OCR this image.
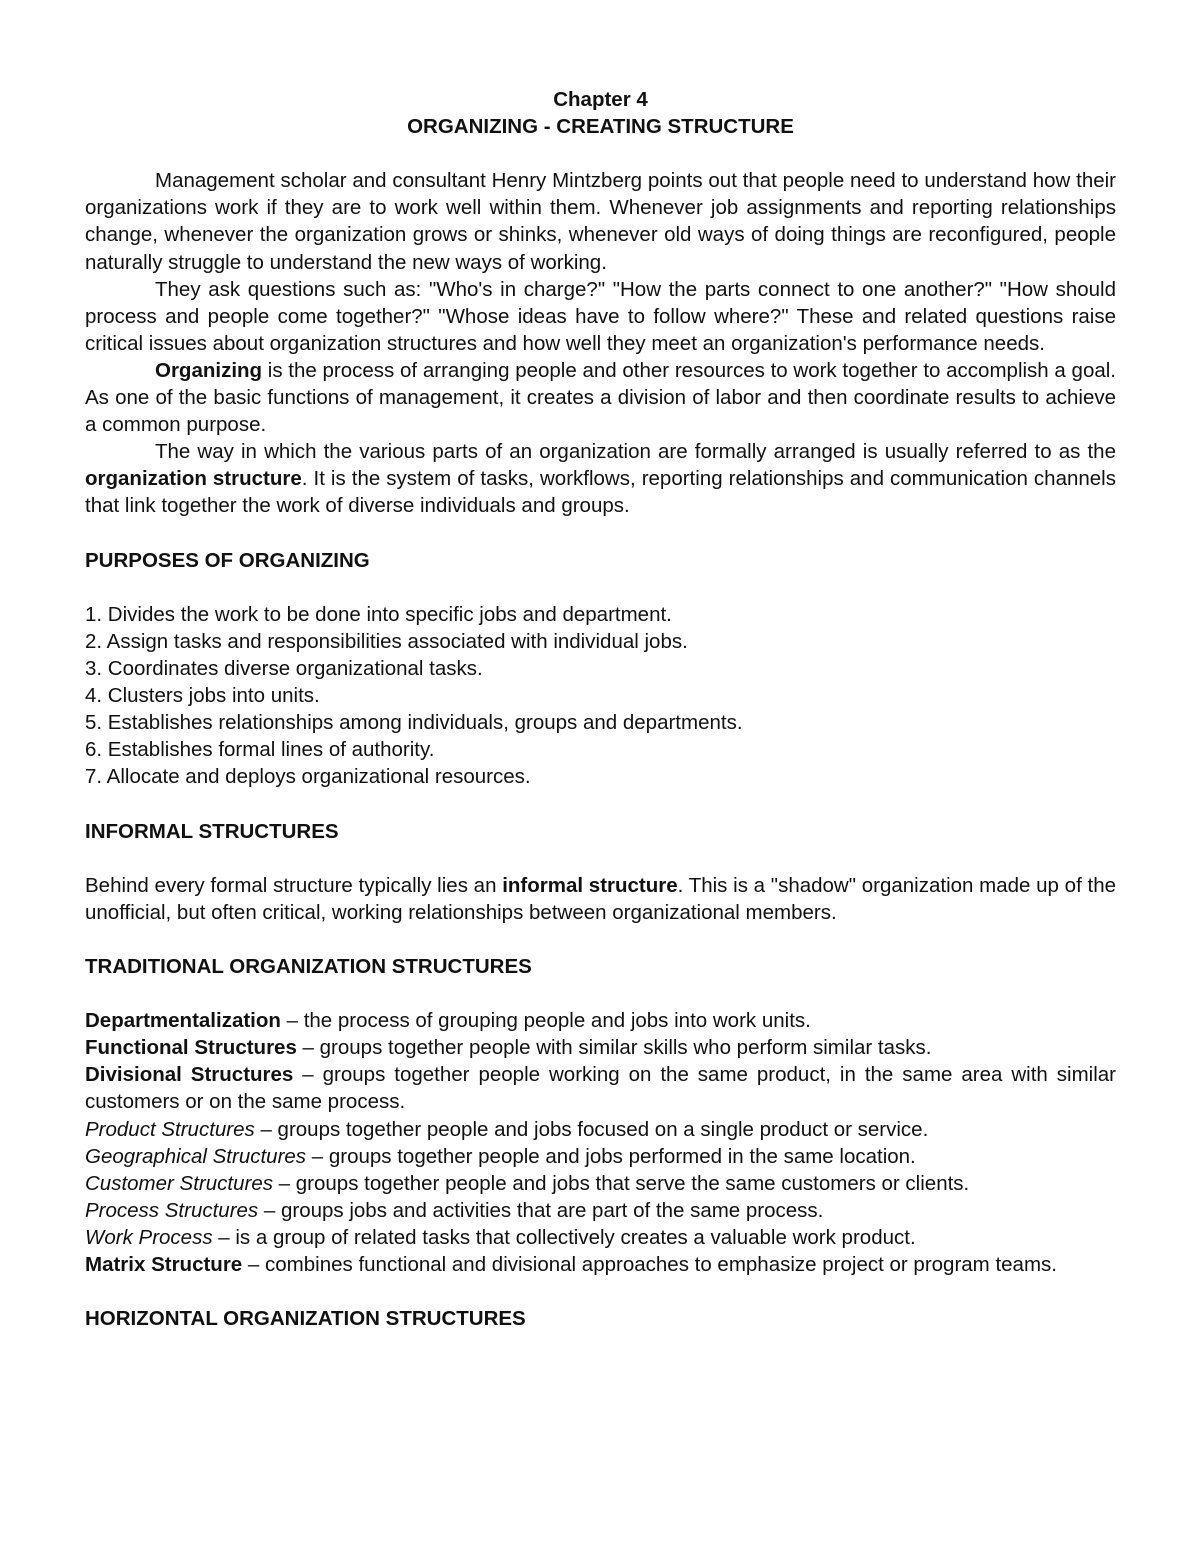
Chapter 4

ORGANIZING - CREATING STRUCTURE

Management scholar and consultant Henry Mintzberg points out that people need to understand how their organizations work if they are to work well within them. Whenever job assignments and reporting relationships change, whenever the organization grows or shinks, whenever old ways of doing things are reconfigured, people naturally struggle to understand the new ways of working.

They ask questions such as: "Who's in charge?" "How the parts connect to one another?" "How should process and people come together?" "Whose ideas have to follow where?" These and related questions raise critical issues about organization structures and how well they meet an organization's performance needs.

Organizing is the process of arranging people and other resources to work together to accomplish a goal. As one of the basic functions of management, it creates a division of labor and then coordinate results to achieve a common purpose.

The way in which the various parts of an organization are formally arranged is usually referred to as the organization structure. It is the system of tasks, workflows, reporting relationships and communication channels that link together the work of diverse individuals and groups.

PURPOSES OF ORGANIZING

1. Divides the work to be done into specific jobs and department.
2. Assign tasks and responsibilities associated with individual jobs.
3. Coordinates diverse organizational tasks.
4. Clusters jobs into units.
5. Establishes relationships among individuals, groups and departments.
6. Establishes formal lines of authority.
7. Allocate and deploys organizational resources.

INFORMAL STRUCTURES

Behind every formal structure typically lies an informal structure. This is a "shadow" organization made up of the unofficial, but often critical, working relationships between organizational members.

TRADITIONAL ORGANIZATION STRUCTURES

Departmentalization – the process of grouping people and jobs into work units.

Functional Structures – groups together people with similar skills who perform similar tasks.

Divisional Structures – groups together people working on the same product, in the same area with similar customers or on the same process.

Product Structures – groups together people and jobs focused on a single product or service.

Geographical Structures – groups together people and jobs performed in the same location.

Customer Structures – groups together people and jobs that serve the same customers or clients.

Process Structures – groups jobs and activities that are part of the same process.

Work Process – is a group of related tasks that collectively creates a valuable work product.

Matrix Structure – combines functional and divisional approaches to emphasize project or program teams.

HORIZONTAL ORGANIZATION STRUCTURES
